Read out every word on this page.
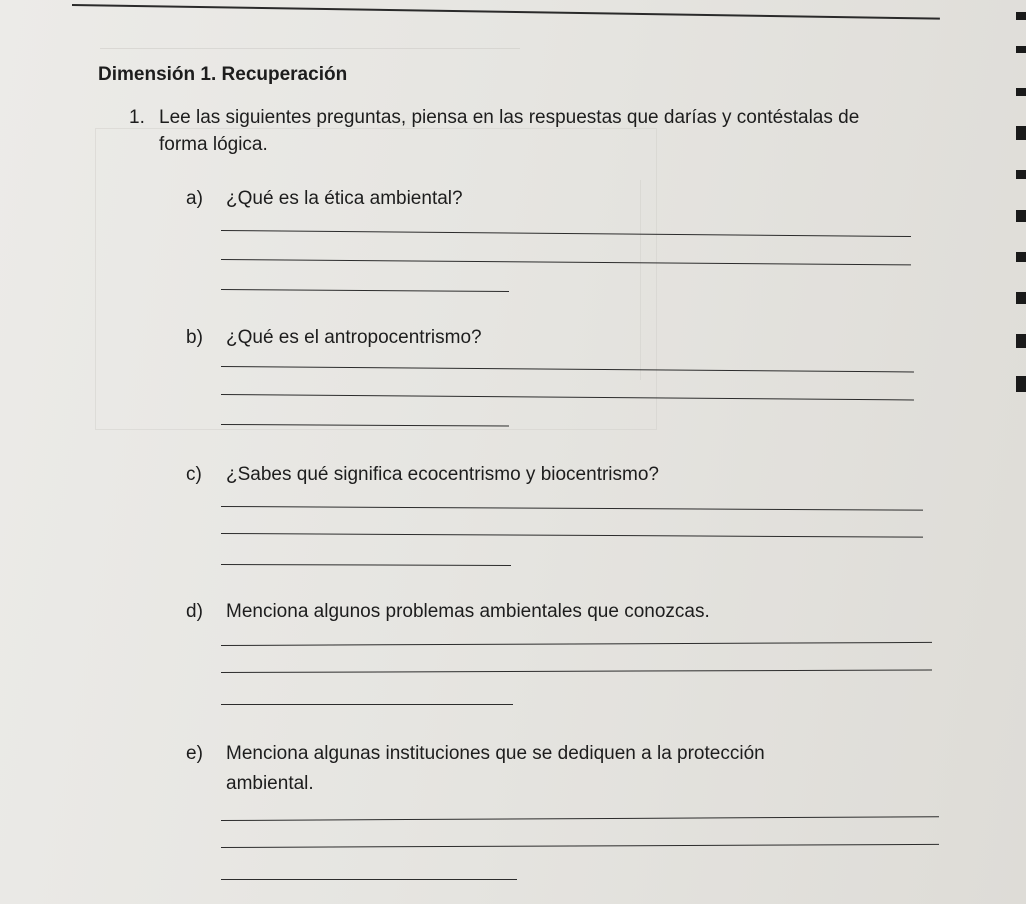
Dimensión 1. Recuperación
1. Lee las siguientes preguntas, piensa en las respuestas que darías y contéstalas de forma lógica.
a)	¿Qué es la ética ambiental?
b)	¿Qué es el antropocentrismo?
c)	¿Sabes qué significa ecocentrismo y biocentrismo?
d)	Menciona algunos problemas ambientales que conozcas.
e)	Menciona algunas instituciones que se dediquen a la protección ambiental.
